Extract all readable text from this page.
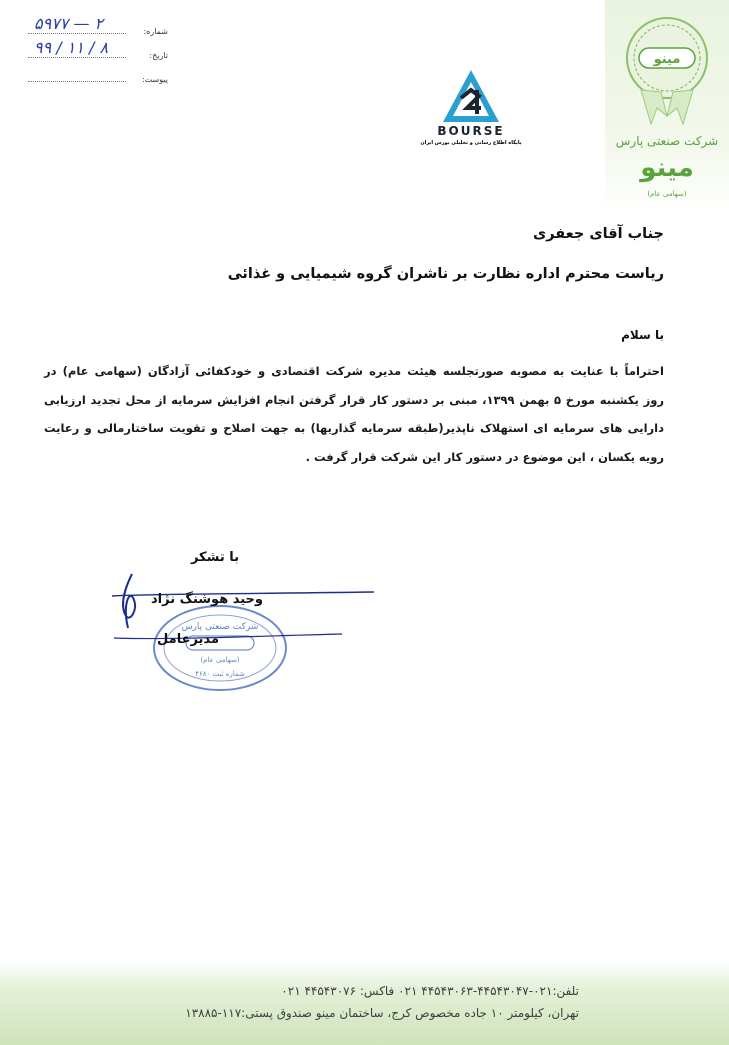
۵۹۷۷ — ۲	شماره:
۹۹ / ۱۱ / ۸	تاریخ:
پیوست:
BOURSE
پایگاه اطلاع رسانی و تحلیلی بورس ایران
مینو
شرکت صنعتی پارس
مینو
(سهامی عام)
جناب آقای جعفری
ریاست محترم اداره نظارت بر ناشران گروه شیمیایی و غذائی
با سلام
احتراماً با عنایت به مصوبه صورتجلسه هیئت مدیره شرکت اقتصادی و خودکفائی آزادگان (سهامی عام) در
روز یکشنبه مورخ ۵ بهمن ۱۳۹۹، مبنی بر دستور کار قرار گرفتن انجام افزایش سرمایه از محل تجدید ارزیابی
دارایی های سرمایه ای استهلاک ناپذیر(طبقه سرمایه گذاریها) به جهت اصلاح و تقویت ساختارمالی و رعایت
رویه یکسان ، این موضوع در دستور کار این شرکت قرار گرفت .
شرکت صنعتی پارس
(سهامی عام)
شماره ثبت ۴۶۸۰
با تشکر
وحید هوشنگ نژاد
مدیرعامل
تلفن:۰۲۱-۴۴۵۴۳۰۴۷-۴۴۵۴۳۰۶۳ ۰۲۱ فاکس: ۴۴۵۴۳۰۷۶ ۰۲۱
تهران، کیلومتر ۱۰ جاده مخصوص کرج، ساختمان مینو صندوق پستی:۱۱۷-۱۳۸۸۵
